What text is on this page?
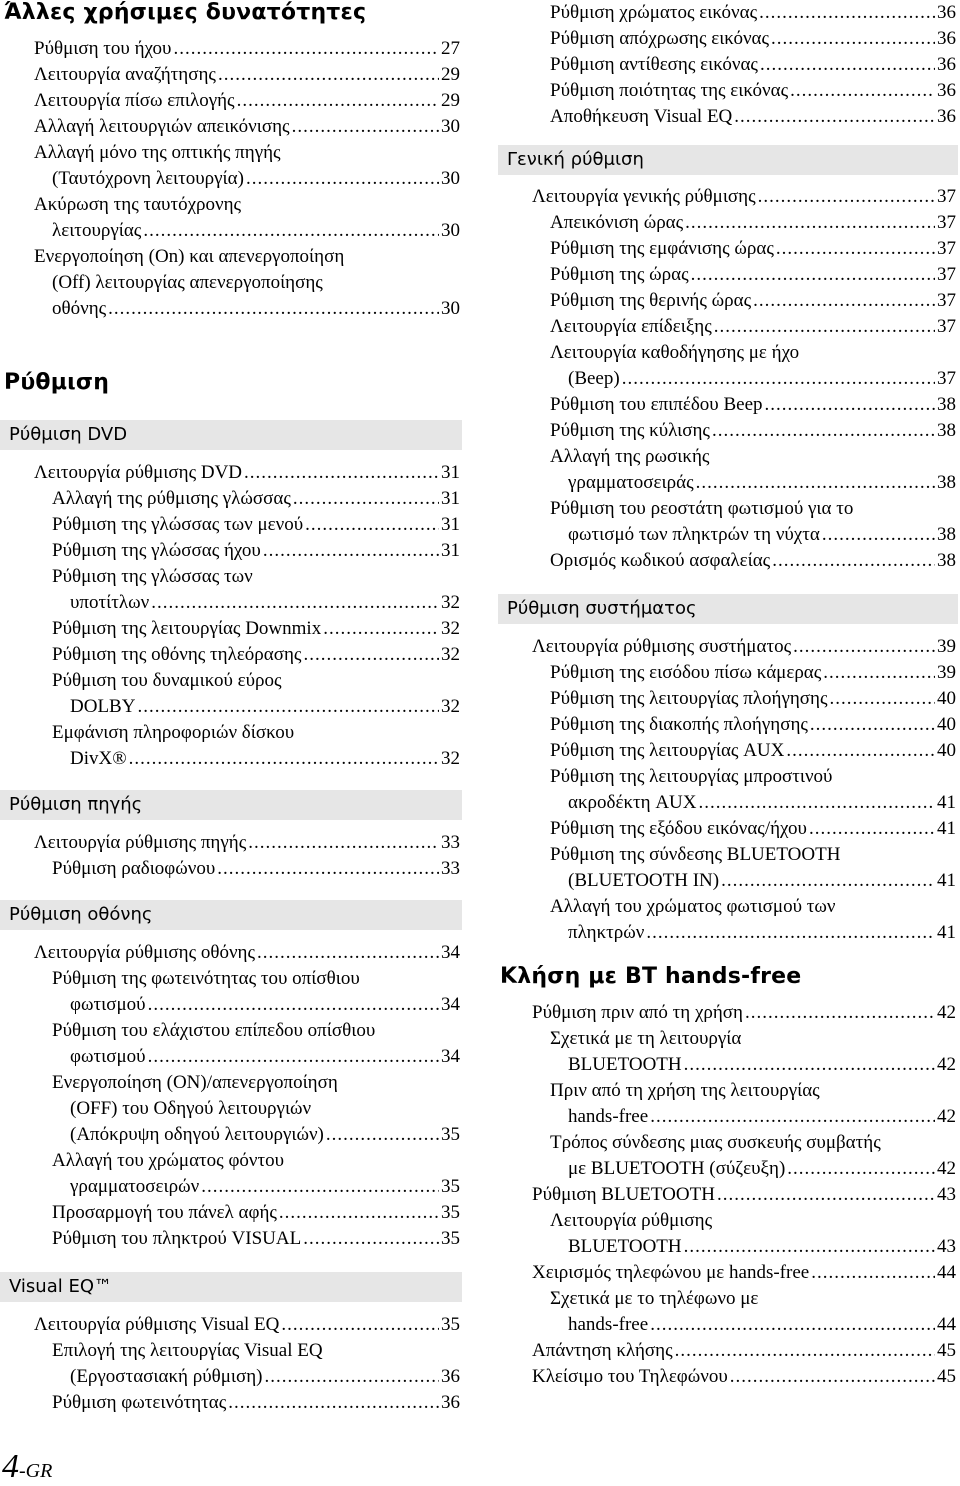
Άλλες χρήσιμες δυνατότητες
Ρύθμιση του ήχου .....	27
Λειτουργία αναζήτησης .....	29
Λειτουργία πίσω επιλογής .....	29
Αλλαγή λειτουργιών απεικόνισης .....	30
Αλλαγή μόνο της οπτικής πηγής
(Ταυτόχρονη λειτουργία) .....	30
Ακύρωση της ταυτόχρονης
λειτουργίας .....	30
Ενεργοποίηση (On) και απενεργοποίηση
(Off) λειτουργίας απενεργοποίησης
οθόνης .....	30
Ρύθμιση
Ρύθμιση DVD
Λειτουργία ρύθμισης DVD .....	31
Αλλαγή της ρύθμισης γλώσσας .....	31
Ρύθμιση της γλώσσας των μενού .....	31
Ρύθμιση της γλώσσας ήχου .....	31
Ρύθμιση της γλώσσας των
υποτίτλων .....	32
Ρύθμιση της λειτουργίας Downmix .....	32
Ρύθμιση της οθόνης τηλεόρασης .....	32
Ρύθμιση του δυναμικού εύρος
DOLBY .....	32
Εμφάνιση πληροφοριών δίσκου
DivX® .....	32
Ρύθμιση πηγής
Λειτουργία ρύθμισης πηγής .....	33
Ρύθμιση ραδιοφώνου .....	33
Ρύθμιση οθόνης
Λειτουργία ρύθμισης οθόνης .....	34
Ρύθμιση της φωτεινότητας του οπίσθιου
φωτισμού .....	34
Ρύθμιση του ελάχιστου επίπεδου οπίσθιου
φωτισμού .....	34
Ενεργοποίηση (ON)/απενεργοποίηση
(OFF) του Οδηγού λειτουργιών
(Απόκρυψη οδηγού λειτουργιών) .....	35
Αλλαγή του χρώματος φόντου
γραμματοσειρών .....	35
Προσαρμογή του πάνελ αφής .....	35
Ρύθμιση του πληκτρού VISUAL .....	35
Visual EQ™
Λειτουργία ρύθμισης Visual EQ .....	35
Επιλογή της λειτουργίας Visual EQ
(Εργοστασιακή ρύθμιση) .....	36
Ρύθμιση φωτεινότητας .....	36
Ρύθμιση χρώματος εικόνας .....	36
Ρύθμιση απόχρωσης εικόνας .....	36
Ρύθμιση αντίθεσης εικόνας .....	36
Ρύθμιση ποιότητας της εικόνας .....	36
Αποθήκευση Visual EQ .....	36
Γενική ρύθμιση
Λειτουργία γενικής ρύθμισης .....	37
Απεικόνιση ώρας .....	37
Ρύθμιση της εμφάνισης ώρας .....	37
Ρύθμιση της ώρας .....	37
Ρύθμιση της θερινής ώρας .....	37
Λειτουργία επίδειξης .....	37
Λειτουργία καθοδήγησης με ήχο
(Beep) .....	37
Ρύθμιση του επιπέδου Beep .....	38
Ρύθμιση της κύλισης .....	38
Αλλαγή της ρωσικής
γραμματοσειράς .....	38
Ρύθμιση του ρεοστάτη φωτισμού για το
φωτισμό των πληκτρών τη νύχτα .....	38
Ορισμός κωδικού ασφαλείας .....	38
Ρύθμιση συστήματος
Λειτουργία ρύθμισης συστήματος .....	39
Ρύθμιση της εισόδου πίσω κάμερας .....	39
Ρύθμιση της λειτουργίας πλοήγησης .....	40
Ρύθμιση της διακοπής πλοήγησης .....	40
Ρύθμιση της λειτουργίας AUX .....	40
Ρύθμιση της λειτουργίας μπροστινού
ακροδέκτη AUX .....	41
Ρύθμιση της εξόδου εικόνας/ήχου .....	41
Ρύθμιση της σύνδεσης BLUETOOTH
(BLUETOOTH IN) .....	41
Αλλαγή του χρώματος φωτισμού των
πληκτρών .....	41
Κλήση με BT hands-free
Ρύθμιση πριν από τη χρήση .....	42
Σχετικά με τη λειτουργία
BLUETOOTH .....	42
Πριν από τη χρήση της λειτουργίας
hands-free .....	42
Τρόπος σύνδεσης μιας συσκευής συμβατής
με BLUETOOTH (σύζευξη) .....	42
Ρύθμιση BLUETOOTH .....	43
Λειτουργία ρύθμισης
BLUETOOTH .....	43
Χειρισμός τηλεφώνου με hands-free .....	44
Σχετικά με το τηλέφωνο με
hands-free .....	44
Απάντηση κλήσης .....	45
Κλείσιμο του Τηλεφώνου .....	45
4-GR
